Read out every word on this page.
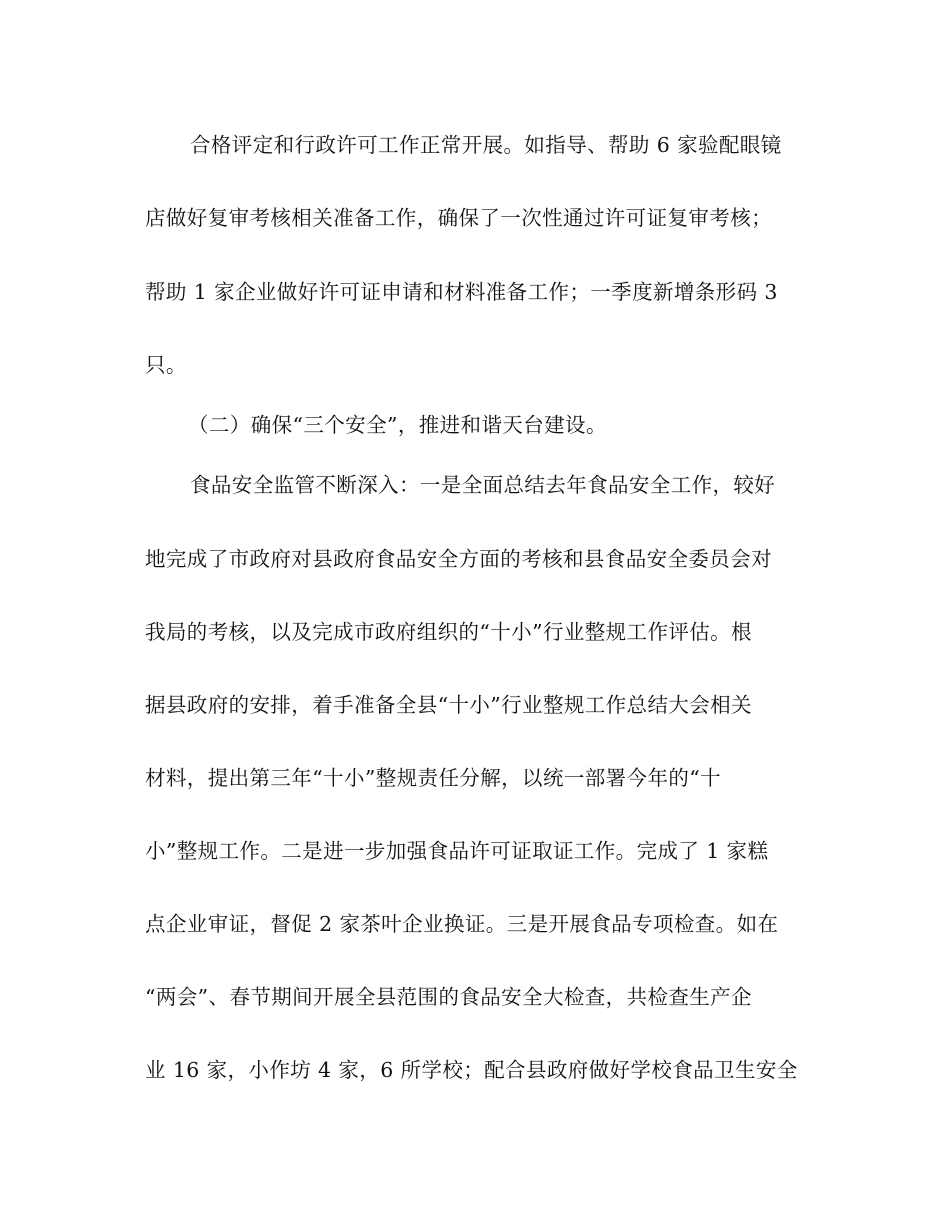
合格评定和行政许可工作正常开展。如指导、帮助 6 家验配眼镜

店做好复审考核相关准备工作，确保了一次性通过许可证复审考核；

帮助 1 家企业做好许可证申请和材料准备工作；一季度新增条形码 3

只。

（二）确保“三个安全”，推进和谐天台建设。

食品安全监管不断深入：一是全面总结去年食品安全工作，较好

地完成了市政府对县政府食品安全方面的考核和县食品安全委员会对

我局的考核，以及完成市政府组织的“十小”行业整规工作评估。根

据县政府的安排，着手准备全县“十小”行业整规工作总结大会相关

材料，提出第三年“十小”整规责任分解，以统一部署今年的“十

小”整规工作。二是进一步加强食品许可证取证工作。完成了 1 家糕

点企业审证，督促 2 家茶叶企业换证。三是开展食品专项检查。如在

“两会”、春节期间开展全县范围的食品安全大检查，共检查生产企

业 16 家，小作坊 4 家，6 所学校；配合县政府做好学校食品卫生安全
